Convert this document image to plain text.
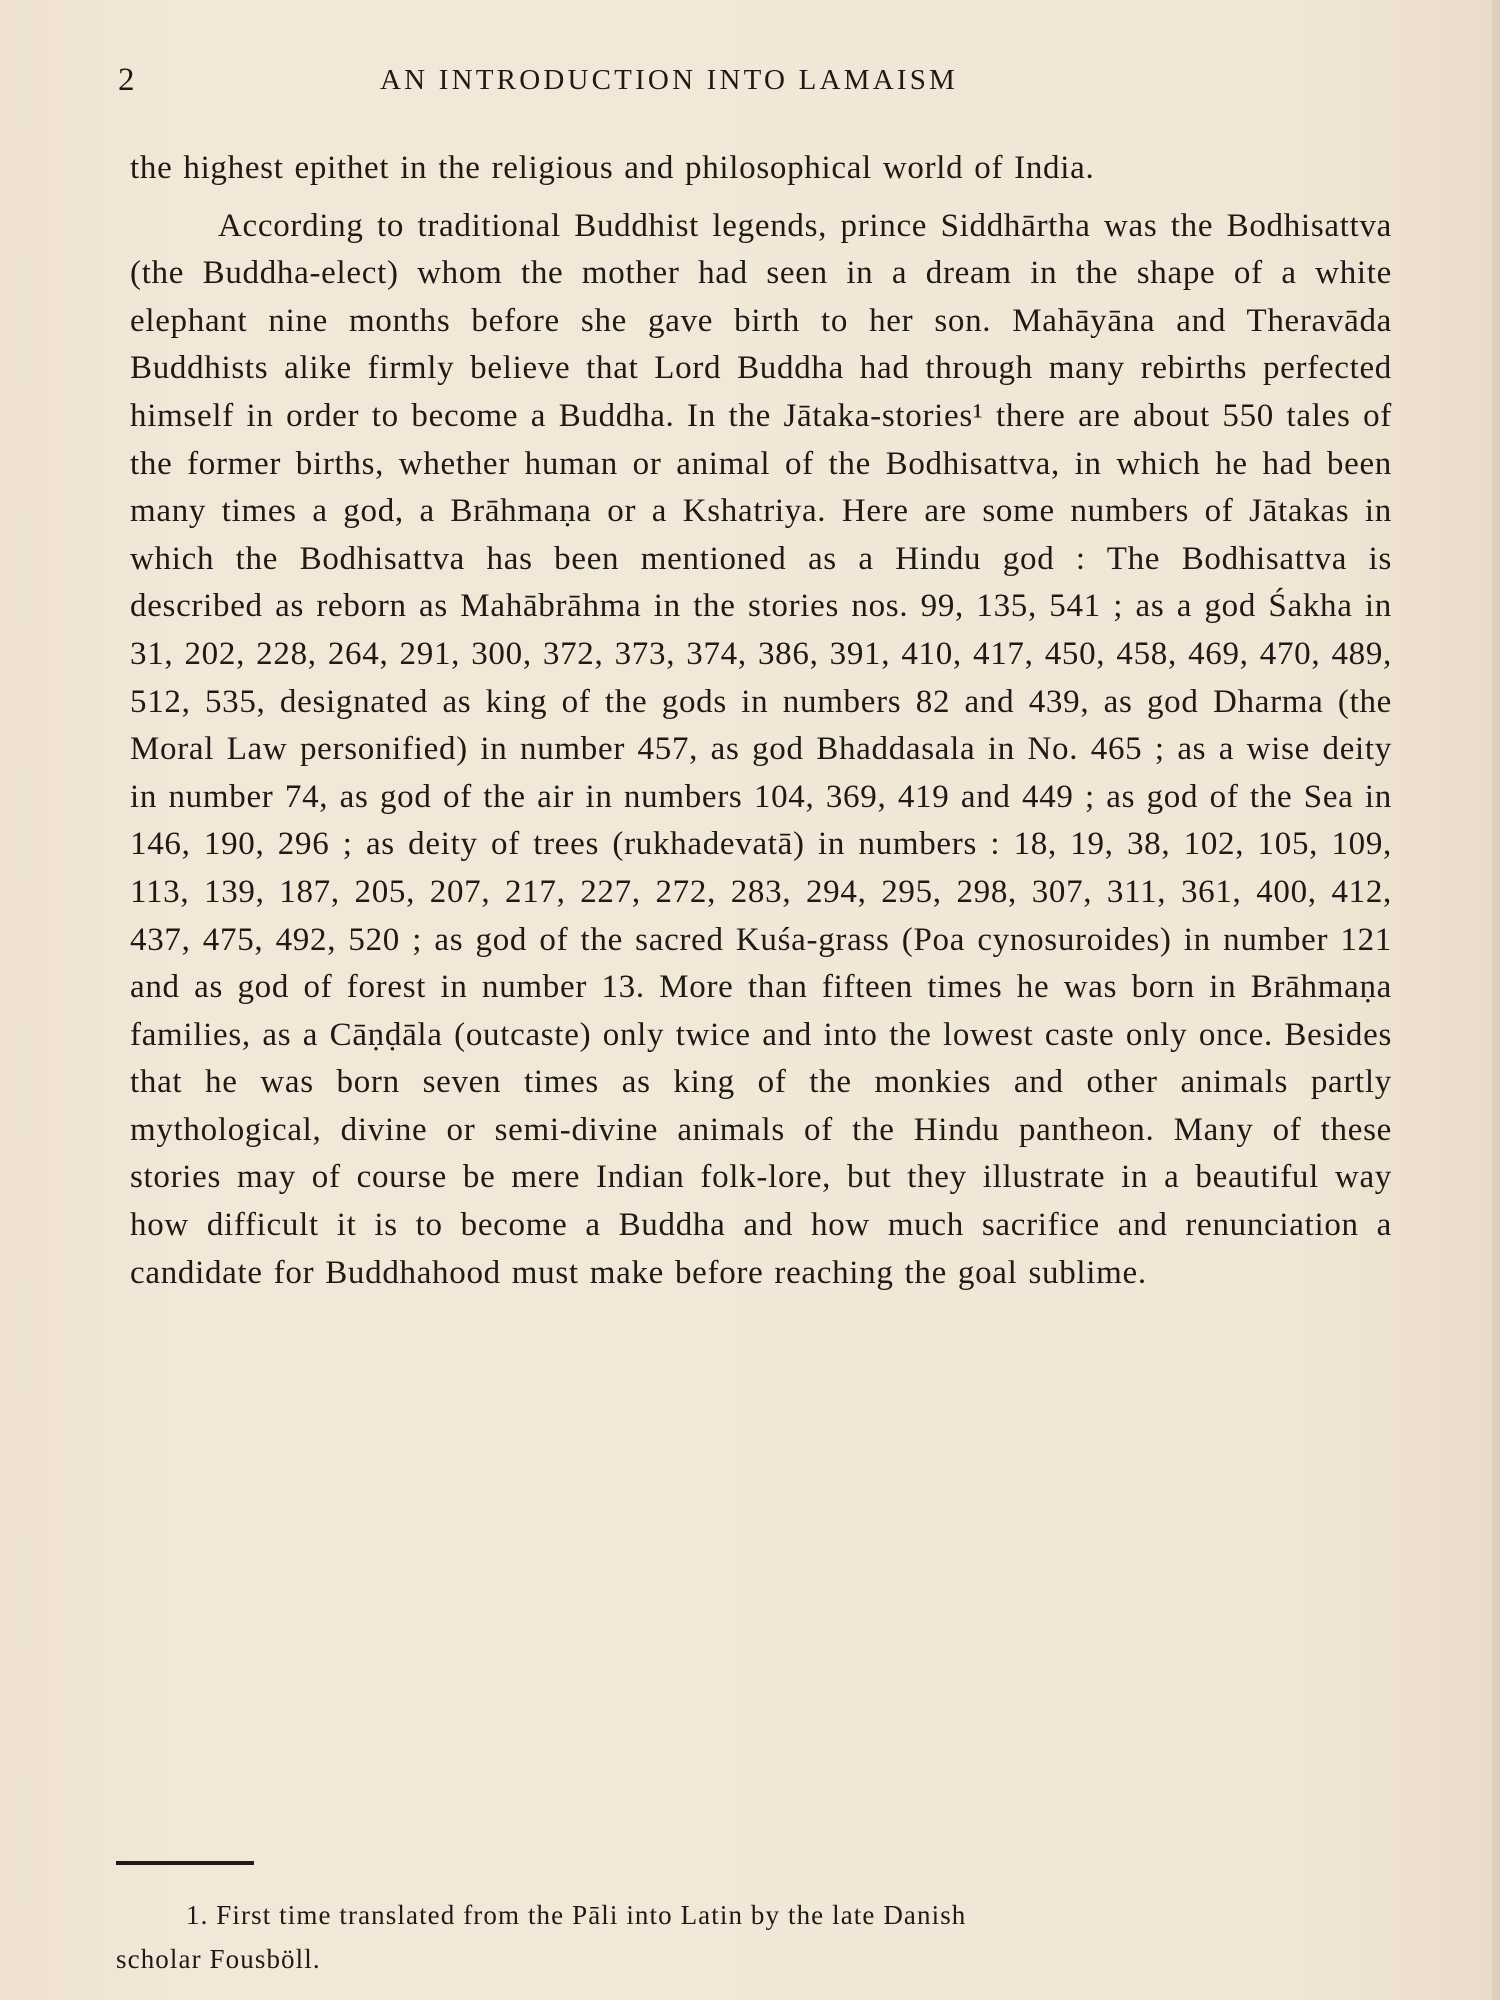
2	AN INTRODUCTION INTO LAMAISM

the highest epithet in the religious and philosophical world of India.

According to traditional Buddhist legends, prince Siddhārtha was the Bodhisattva (the Buddha-elect) whom the mother had seen in a dream in the shape of a white elephant nine months before she gave birth to her son. Mahāyāna and Theravāda Buddhists alike firmly believe that Lord Buddha had through many rebirths perfected himself in order to become a Buddha. In the Jātaka-stories¹ there are about 550 tales of the former births, whether human or animal of the Bodhisattva, in which he had been many times a god, a Brāhmaṇa or a Kshatriya. Here are some numbers of Jātakas in which the Bodhisattva has been mentioned as a Hindu god : The Bodhisattva is described as reborn as Mahābrāhma in the stories nos. 99, 135, 541 ; as a god Śakha in 31, 202, 228, 264, 291, 300, 372, 373, 374, 386, 391, 410, 417, 450, 458, 469, 470, 489, 512, 535, designated as king of the gods in numbers 82 and 439, as god Dharma (the Moral Law personified) in number 457, as god Bhaddasala in No. 465 ; as a wise deity in number 74, as god of the air in numbers 104, 369, 419 and 449 ; as god of the Sea in 146, 190, 296 ; as deity of trees (rukhadevatā) in numbers : 18, 19, 38, 102, 105, 109, 113, 139, 187, 205, 207, 217, 227, 272, 283, 294, 295, 298, 307, 311, 361, 400, 412, 437, 475, 492, 520 ; as god of the sacred Kuśa-grass (Poa cynosuroides) in number 121 and as god of forest in number 13. More than fifteen times he was born in Brāhmaṇa families, as a Cāṇḍāla (outcaste) only twice and into the lowest caste only once. Besides that he was born seven times as king of the monkies and other animals partly mythological, divine or semi-divine animals of the Hindu pantheon. Many of these stories may of course be mere Indian folk-lore, but they illustrate in a beautiful way how difficult it is to become a Buddha and how much sacrifice and renunciation a candidate for Buddhahood must make before reaching the goal sublime.

1. First time translated from the Pāli into Latin by the late Danish
scholar Fousböll.
